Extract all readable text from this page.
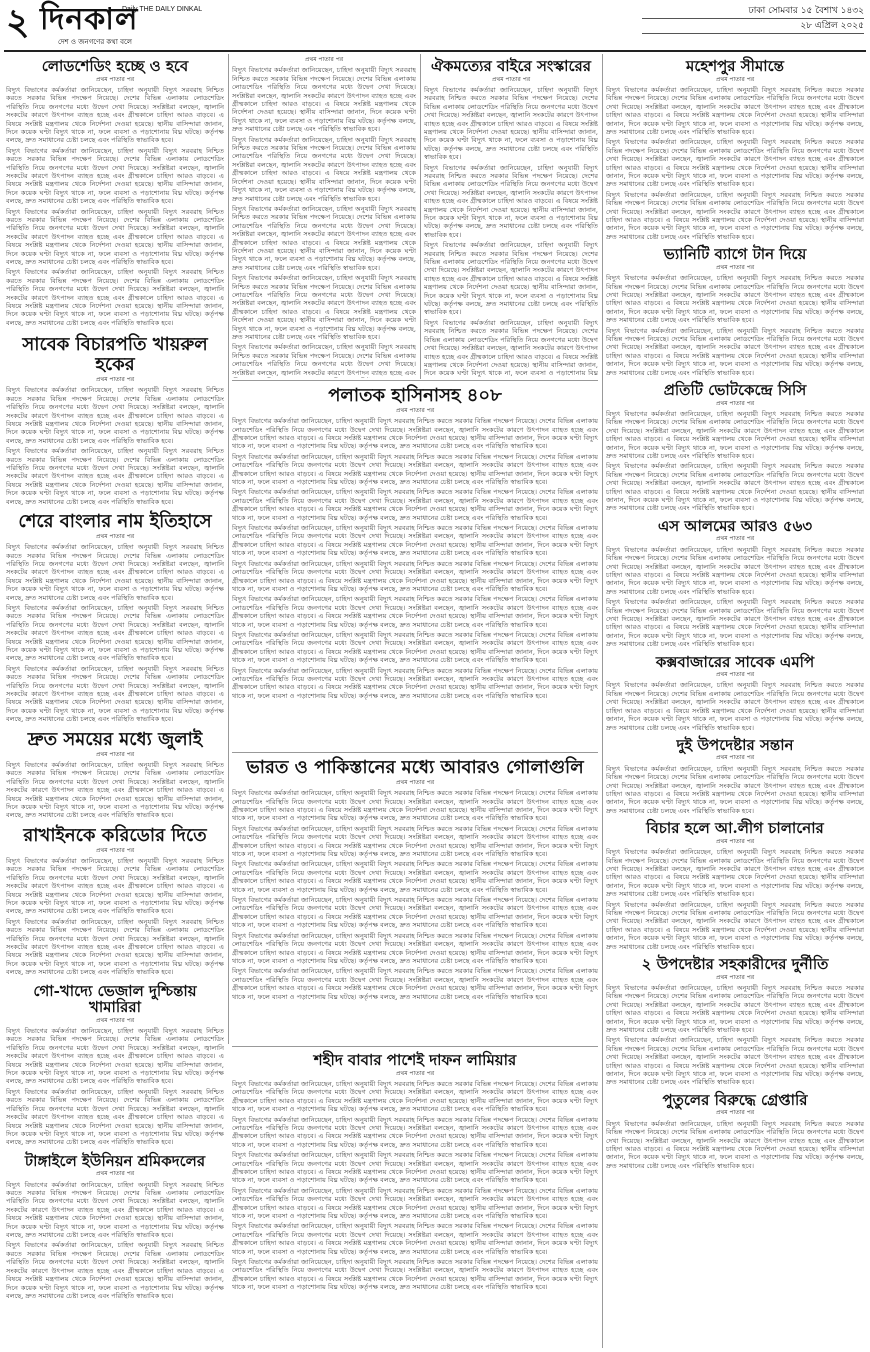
২ দিনকাল
Daily THE DAILY DINKAL
দেশ ও জনগণের কথা বলে
ঢাকা সোমবার ১৫ বৈশাখ ১৪৩২
২৮ এপ্রিল ২০২৫
লোডশেডিং হচ্ছে ও হবে
প্রথম পাতার পর

বিদ্যুৎ বিভাগের কর্মকর্তারা জানিয়েছেন, চাহিদা অনুযায়ী বিদ্যুৎ সরবরাহ নিশ্চিত করতে সরকার বিভিন্ন পদক্ষেপ নিয়েছে। দেশের বিভিন্ন এলাকায় লোডশেডিং পরিস্থিতি নিয়ে জনগণের মধ্যে উদ্বেগ দেখা দিয়েছে। সংশ্লিষ্টরা বলছেন, জ্বালানি সংকটের কারণে উৎপাদন ব্যাহত হচ্ছে এবং গ্রীষ্মকালে চাহিদা আরও বাড়বে। এ বিষয়ে সংশ্লিষ্ট মন্ত্রণালয় থেকে নির্দেশনা দেওয়া হয়েছে। স্থানীয় বাসিন্দারা জানান, দিনে কয়েক ঘণ্টা বিদ্যুৎ থাকে না, ফলে ব্যবসা ও পড়াশোনায় বিঘ্ন ঘটছে। কর্তৃপক্ষ বলছে, দ্রুত সমাধানের চেষ্টা চলছে এবং পরিস্থিতি স্বাভাবিক হবে।

বিদ্যুৎ বিভাগের কর্মকর্তারা জানিয়েছেন, চাহিদা অনুযায়ী বিদ্যুৎ সরবরাহ নিশ্চিত করতে সরকার বিভিন্ন পদক্ষেপ নিয়েছে। দেশের বিভিন্ন এলাকায় লোডশেডিং পরিস্থিতি নিয়ে জনগণের মধ্যে উদ্বেগ দেখা দিয়েছে। সংশ্লিষ্টরা বলছেন, জ্বালানি সংকটের কারণে উৎপাদন ব্যাহত হচ্ছে এবং গ্রীষ্মকালে চাহিদা আরও বাড়বে। এ বিষয়ে সংশ্লিষ্ট মন্ত্রণালয় থেকে নির্দেশনা দেওয়া হয়েছে। স্থানীয় বাসিন্দারা জানান, দিনে কয়েক ঘণ্টা বিদ্যুৎ থাকে না, ফলে ব্যবসা ও পড়াশোনায় বিঘ্ন ঘটছে। কর্তৃপক্ষ বলছে, দ্রুত সমাধানের চেষ্টা চলছে এবং পরিস্থিতি স্বাভাবিক হবে।

বিদ্যুৎ বিভাগের কর্মকর্তারা জানিয়েছেন, চাহিদা অনুযায়ী বিদ্যুৎ সরবরাহ নিশ্চিত করতে সরকার বিভিন্ন পদক্ষেপ নিয়েছে। দেশের বিভিন্ন এলাকায় লোডশেডিং পরিস্থিতি নিয়ে জনগণের মধ্যে উদ্বেগ দেখা দিয়েছে। সংশ্লিষ্টরা বলছেন, জ্বালানি সংকটের কারণে উৎপাদন ব্যাহত হচ্ছে এবং গ্রীষ্মকালে চাহিদা আরও বাড়বে। এ বিষয়ে সংশ্লিষ্ট মন্ত্রণালয় থেকে নির্দেশনা দেওয়া হয়েছে। স্থানীয় বাসিন্দারা জানান, দিনে কয়েক ঘণ্টা বিদ্যুৎ থাকে না, ফলে ব্যবসা ও পড়াশোনায় বিঘ্ন ঘটছে। কর্তৃপক্ষ বলছে, দ্রুত সমাধানের চেষ্টা চলছে এবং পরিস্থিতি স্বাভাবিক হবে।

বিদ্যুৎ বিভাগের কর্মকর্তারা জানিয়েছেন, চাহিদা অনুযায়ী বিদ্যুৎ সরবরাহ নিশ্চিত করতে সরকার বিভিন্ন পদক্ষেপ নিয়েছে। দেশের বিভিন্ন এলাকায় লোডশেডিং পরিস্থিতি নিয়ে জনগণের মধ্যে উদ্বেগ দেখা দিয়েছে। সংশ্লিষ্টরা বলছেন, জ্বালানি সংকটের কারণে উৎপাদন ব্যাহত হচ্ছে এবং গ্রীষ্মকালে চাহিদা আরও বাড়বে। এ বিষয়ে সংশ্লিষ্ট মন্ত্রণালয় থেকে নির্দেশনা দেওয়া হয়েছে। স্থানীয় বাসিন্দারা জানান, দিনে কয়েক ঘণ্টা বিদ্যুৎ থাকে না, ফলে ব্যবসা ও পড়াশোনায় বিঘ্ন ঘটছে। কর্তৃপক্ষ বলছে, দ্রুত সমাধানের চেষ্টা চলছে এবং পরিস্থিতি স্বাভাবিক হবে।

সাবেক বিচারপতি খায়রুল হকের
প্রথম পাতার পর

বিদ্যুৎ বিভাগের কর্মকর্তারা জানিয়েছেন, চাহিদা অনুযায়ী বিদ্যুৎ সরবরাহ নিশ্চিত করতে সরকার বিভিন্ন পদক্ষেপ নিয়েছে। দেশের বিভিন্ন এলাকায় লোডশেডিং পরিস্থিতি নিয়ে জনগণের মধ্যে উদ্বেগ দেখা দিয়েছে। সংশ্লিষ্টরা বলছেন, জ্বালানি সংকটের কারণে উৎপাদন ব্যাহত হচ্ছে এবং গ্রীষ্মকালে চাহিদা আরও বাড়বে। এ বিষয়ে সংশ্লিষ্ট মন্ত্রণালয় থেকে নির্দেশনা দেওয়া হয়েছে। স্থানীয় বাসিন্দারা জানান, দিনে কয়েক ঘণ্টা বিদ্যুৎ থাকে না, ফলে ব্যবসা ও পড়াশোনায় বিঘ্ন ঘটছে। কর্তৃপক্ষ বলছে, দ্রুত সমাধানের চেষ্টা চলছে এবং পরিস্থিতি স্বাভাবিক হবে।

বিদ্যুৎ বিভাগের কর্মকর্তারা জানিয়েছেন, চাহিদা অনুযায়ী বিদ্যুৎ সরবরাহ নিশ্চিত করতে সরকার বিভিন্ন পদক্ষেপ নিয়েছে। দেশের বিভিন্ন এলাকায় লোডশেডিং পরিস্থিতি নিয়ে জনগণের মধ্যে উদ্বেগ দেখা দিয়েছে। সংশ্লিষ্টরা বলছেন, জ্বালানি সংকটের কারণে উৎপাদন ব্যাহত হচ্ছে এবং গ্রীষ্মকালে চাহিদা আরও বাড়বে। এ বিষয়ে সংশ্লিষ্ট মন্ত্রণালয় থেকে নির্দেশনা দেওয়া হয়েছে। স্থানীয় বাসিন্দারা জানান, দিনে কয়েক ঘণ্টা বিদ্যুৎ থাকে না, ফলে ব্যবসা ও পড়াশোনায় বিঘ্ন ঘটছে। কর্তৃপক্ষ বলছে, দ্রুত সমাধানের চেষ্টা চলছে এবং পরিস্থিতি স্বাভাবিক হবে।

শেরে বাংলার নাম ইতিহাসে
প্রথম পাতার পর

বিদ্যুৎ বিভাগের কর্মকর্তারা জানিয়েছেন, চাহিদা অনুযায়ী বিদ্যুৎ সরবরাহ নিশ্চিত করতে সরকার বিভিন্ন পদক্ষেপ নিয়েছে। দেশের বিভিন্ন এলাকায় লোডশেডিং পরিস্থিতি নিয়ে জনগণের মধ্যে উদ্বেগ দেখা দিয়েছে। সংশ্লিষ্টরা বলছেন, জ্বালানি সংকটের কারণে উৎপাদন ব্যাহত হচ্ছে এবং গ্রীষ্মকালে চাহিদা আরও বাড়বে। এ বিষয়ে সংশ্লিষ্ট মন্ত্রণালয় থেকে নির্দেশনা দেওয়া হয়েছে। স্থানীয় বাসিন্দারা জানান, দিনে কয়েক ঘণ্টা বিদ্যুৎ থাকে না, ফলে ব্যবসা ও পড়াশোনায় বিঘ্ন ঘটছে। কর্তৃপক্ষ বলছে, দ্রুত সমাধানের চেষ্টা চলছে এবং পরিস্থিতি স্বাভাবিক হবে।

বিদ্যুৎ বিভাগের কর্মকর্তারা জানিয়েছেন, চাহিদা অনুযায়ী বিদ্যুৎ সরবরাহ নিশ্চিত করতে সরকার বিভিন্ন পদক্ষেপ নিয়েছে। দেশের বিভিন্ন এলাকায় লোডশেডিং পরিস্থিতি নিয়ে জনগণের মধ্যে উদ্বেগ দেখা দিয়েছে। সংশ্লিষ্টরা বলছেন, জ্বালানি সংকটের কারণে উৎপাদন ব্যাহত হচ্ছে এবং গ্রীষ্মকালে চাহিদা আরও বাড়বে। এ বিষয়ে সংশ্লিষ্ট মন্ত্রণালয় থেকে নির্দেশনা দেওয়া হয়েছে। স্থানীয় বাসিন্দারা জানান, দিনে কয়েক ঘণ্টা বিদ্যুৎ থাকে না, ফলে ব্যবসা ও পড়াশোনায় বিঘ্ন ঘটছে। কর্তৃপক্ষ বলছে, দ্রুত সমাধানের চেষ্টা চলছে এবং পরিস্থিতি স্বাভাবিক হবে।

বিদ্যুৎ বিভাগের কর্মকর্তারা জানিয়েছেন, চাহিদা অনুযায়ী বিদ্যুৎ সরবরাহ নিশ্চিত করতে সরকার বিভিন্ন পদক্ষেপ নিয়েছে। দেশের বিভিন্ন এলাকায় লোডশেডিং পরিস্থিতি নিয়ে জনগণের মধ্যে উদ্বেগ দেখা দিয়েছে। সংশ্লিষ্টরা বলছেন, জ্বালানি সংকটের কারণে উৎপাদন ব্যাহত হচ্ছে এবং গ্রীষ্মকালে চাহিদা আরও বাড়বে। এ বিষয়ে সংশ্লিষ্ট মন্ত্রণালয় থেকে নির্দেশনা দেওয়া হয়েছে। স্থানীয় বাসিন্দারা জানান, দিনে কয়েক ঘণ্টা বিদ্যুৎ থাকে না, ফলে ব্যবসা ও পড়াশোনায় বিঘ্ন ঘটছে। কর্তৃপক্ষ বলছে, দ্রুত সমাধানের চেষ্টা চলছে এবং পরিস্থিতি স্বাভাবিক হবে।

দ্রুত সময়ের মধ্যে জুলাই
প্রথম পাতার পর

বিদ্যুৎ বিভাগের কর্মকর্তারা জানিয়েছেন, চাহিদা অনুযায়ী বিদ্যুৎ সরবরাহ নিশ্চিত করতে সরকার বিভিন্ন পদক্ষেপ নিয়েছে। দেশের বিভিন্ন এলাকায় লোডশেডিং পরিস্থিতি নিয়ে জনগণের মধ্যে উদ্বেগ দেখা দিয়েছে। সংশ্লিষ্টরা বলছেন, জ্বালানি সংকটের কারণে উৎপাদন ব্যাহত হচ্ছে এবং গ্রীষ্মকালে চাহিদা আরও বাড়বে। এ বিষয়ে সংশ্লিষ্ট মন্ত্রণালয় থেকে নির্দেশনা দেওয়া হয়েছে। স্থানীয় বাসিন্দারা জানান, দিনে কয়েক ঘণ্টা বিদ্যুৎ থাকে না, ফলে ব্যবসা ও পড়াশোনায় বিঘ্ন ঘটছে। কর্তৃপক্ষ বলছে, দ্রুত সমাধানের চেষ্টা চলছে এবং পরিস্থিতি স্বাভাবিক হবে।

রাখাইনকে করিডোর দিতে
প্রথম পাতার পর

বিদ্যুৎ বিভাগের কর্মকর্তারা জানিয়েছেন, চাহিদা অনুযায়ী বিদ্যুৎ সরবরাহ নিশ্চিত করতে সরকার বিভিন্ন পদক্ষেপ নিয়েছে। দেশের বিভিন্ন এলাকায় লোডশেডিং পরিস্থিতি নিয়ে জনগণের মধ্যে উদ্বেগ দেখা দিয়েছে। সংশ্লিষ্টরা বলছেন, জ্বালানি সংকটের কারণে উৎপাদন ব্যাহত হচ্ছে এবং গ্রীষ্মকালে চাহিদা আরও বাড়বে। এ বিষয়ে সংশ্লিষ্ট মন্ত্রণালয় থেকে নির্দেশনা দেওয়া হয়েছে। স্থানীয় বাসিন্দারা জানান, দিনে কয়েক ঘণ্টা বিদ্যুৎ থাকে না, ফলে ব্যবসা ও পড়াশোনায় বিঘ্ন ঘটছে। কর্তৃপক্ষ বলছে, দ্রুত সমাধানের চেষ্টা চলছে এবং পরিস্থিতি স্বাভাবিক হবে।

বিদ্যুৎ বিভাগের কর্মকর্তারা জানিয়েছেন, চাহিদা অনুযায়ী বিদ্যুৎ সরবরাহ নিশ্চিত করতে সরকার বিভিন্ন পদক্ষেপ নিয়েছে। দেশের বিভিন্ন এলাকায় লোডশেডিং পরিস্থিতি নিয়ে জনগণের মধ্যে উদ্বেগ দেখা দিয়েছে। সংশ্লিষ্টরা বলছেন, জ্বালানি সংকটের কারণে উৎপাদন ব্যাহত হচ্ছে এবং গ্রীষ্মকালে চাহিদা আরও বাড়বে। এ বিষয়ে সংশ্লিষ্ট মন্ত্রণালয় থেকে নির্দেশনা দেওয়া হয়েছে। স্থানীয় বাসিন্দারা জানান, দিনে কয়েক ঘণ্টা বিদ্যুৎ থাকে না, ফলে ব্যবসা ও পড়াশোনায় বিঘ্ন ঘটছে। কর্তৃপক্ষ বলছে, দ্রুত সমাধানের চেষ্টা চলছে এবং পরিস্থিতি স্বাভাবিক হবে।

গো-খাদ্যে ভেজাল দুশ্চিন্তায় খামারিরা
প্রথম পাতার পর

বিদ্যুৎ বিভাগের কর্মকর্তারা জানিয়েছেন, চাহিদা অনুযায়ী বিদ্যুৎ সরবরাহ নিশ্চিত করতে সরকার বিভিন্ন পদক্ষেপ নিয়েছে। দেশের বিভিন্ন এলাকায় লোডশেডিং পরিস্থিতি নিয়ে জনগণের মধ্যে উদ্বেগ দেখা দিয়েছে। সংশ্লিষ্টরা বলছেন, জ্বালানি সংকটের কারণে উৎপাদন ব্যাহত হচ্ছে এবং গ্রীষ্মকালে চাহিদা আরও বাড়বে। এ বিষয়ে সংশ্লিষ্ট মন্ত্রণালয় থেকে নির্দেশনা দেওয়া হয়েছে। স্থানীয় বাসিন্দারা জানান, দিনে কয়েক ঘণ্টা বিদ্যুৎ থাকে না, ফলে ব্যবসা ও পড়াশোনায় বিঘ্ন ঘটছে। কর্তৃপক্ষ বলছে, দ্রুত সমাধানের চেষ্টা চলছে এবং পরিস্থিতি স্বাভাবিক হবে।

বিদ্যুৎ বিভাগের কর্মকর্তারা জানিয়েছেন, চাহিদা অনুযায়ী বিদ্যুৎ সরবরাহ নিশ্চিত করতে সরকার বিভিন্ন পদক্ষেপ নিয়েছে। দেশের বিভিন্ন এলাকায় লোডশেডিং পরিস্থিতি নিয়ে জনগণের মধ্যে উদ্বেগ দেখা দিয়েছে। সংশ্লিষ্টরা বলছেন, জ্বালানি সংকটের কারণে উৎপাদন ব্যাহত হচ্ছে এবং গ্রীষ্মকালে চাহিদা আরও বাড়বে। এ বিষয়ে সংশ্লিষ্ট মন্ত্রণালয় থেকে নির্দেশনা দেওয়া হয়েছে। স্থানীয় বাসিন্দারা জানান, দিনে কয়েক ঘণ্টা বিদ্যুৎ থাকে না, ফলে ব্যবসা ও পড়াশোনায় বিঘ্ন ঘটছে। কর্তৃপক্ষ বলছে, দ্রুত সমাধানের চেষ্টা চলছে এবং পরিস্থিতি স্বাভাবিক হবে।

টাঙ্গাইলে ইউনিয়ন শ্রমিকদলের
প্রথম পাতার পর

বিদ্যুৎ বিভাগের কর্মকর্তারা জানিয়েছেন, চাহিদা অনুযায়ী বিদ্যুৎ সরবরাহ নিশ্চিত করতে সরকার বিভিন্ন পদক্ষেপ নিয়েছে। দেশের বিভিন্ন এলাকায় লোডশেডিং পরিস্থিতি নিয়ে জনগণের মধ্যে উদ্বেগ দেখা দিয়েছে। সংশ্লিষ্টরা বলছেন, জ্বালানি সংকটের কারণে উৎপাদন ব্যাহত হচ্ছে এবং গ্রীষ্মকালে চাহিদা আরও বাড়বে। এ বিষয়ে সংশ্লিষ্ট মন্ত্রণালয় থেকে নির্দেশনা দেওয়া হয়েছে। স্থানীয় বাসিন্দারা জানান, দিনে কয়েক ঘণ্টা বিদ্যুৎ থাকে না, ফলে ব্যবসা ও পড়াশোনায় বিঘ্ন ঘটছে। কর্তৃপক্ষ বলছে, দ্রুত সমাধানের চেষ্টা চলছে এবং পরিস্থিতি স্বাভাবিক হবে।

বিদ্যুৎ বিভাগের কর্মকর্তারা জানিয়েছেন, চাহিদা অনুযায়ী বিদ্যুৎ সরবরাহ নিশ্চিত করতে সরকার বিভিন্ন পদক্ষেপ নিয়েছে। দেশের বিভিন্ন এলাকায় লোডশেডিং পরিস্থিতি নিয়ে জনগণের মধ্যে উদ্বেগ দেখা দিয়েছে। সংশ্লিষ্টরা বলছেন, জ্বালানি সংকটের কারণে উৎপাদন ব্যাহত হচ্ছে এবং গ্রীষ্মকালে চাহিদা আরও বাড়বে। এ বিষয়ে সংশ্লিষ্ট মন্ত্রণালয় থেকে নির্দেশনা দেওয়া হয়েছে। স্থানীয় বাসিন্দারা জানান, দিনে কয়েক ঘণ্টা বিদ্যুৎ থাকে না, ফলে ব্যবসা ও পড়াশোনায় বিঘ্ন ঘটছে। কর্তৃপক্ষ বলছে, দ্রুত সমাধানের চেষ্টা চলছে এবং পরিস্থিতি স্বাভাবিক হবে।

প্রথম পাতার পর

বিদ্যুৎ বিভাগের কর্মকর্তারা জানিয়েছেন, চাহিদা অনুযায়ী বিদ্যুৎ সরবরাহ নিশ্চিত করতে সরকার বিভিন্ন পদক্ষেপ নিয়েছে। দেশের বিভিন্ন এলাকায় লোডশেডিং পরিস্থিতি নিয়ে জনগণের মধ্যে উদ্বেগ দেখা দিয়েছে। সংশ্লিষ্টরা বলছেন, জ্বালানি সংকটের কারণে উৎপাদন ব্যাহত হচ্ছে এবং গ্রীষ্মকালে চাহিদা আরও বাড়বে। এ বিষয়ে সংশ্লিষ্ট মন্ত্রণালয় থেকে নির্দেশনা দেওয়া হয়েছে। স্থানীয় বাসিন্দারা জানান, দিনে কয়েক ঘণ্টা বিদ্যুৎ থাকে না, ফলে ব্যবসা ও পড়াশোনায় বিঘ্ন ঘটছে। কর্তৃপক্ষ বলছে, দ্রুত সমাধানের চেষ্টা চলছে এবং পরিস্থিতি স্বাভাবিক হবে।

বিদ্যুৎ বিভাগের কর্মকর্তারা জানিয়েছেন, চাহিদা অনুযায়ী বিদ্যুৎ সরবরাহ নিশ্চিত করতে সরকার বিভিন্ন পদক্ষেপ নিয়েছে। দেশের বিভিন্ন এলাকায় লোডশেডিং পরিস্থিতি নিয়ে জনগণের মধ্যে উদ্বেগ দেখা দিয়েছে। সংশ্লিষ্টরা বলছেন, জ্বালানি সংকটের কারণে উৎপাদন ব্যাহত হচ্ছে এবং গ্রীষ্মকালে চাহিদা আরও বাড়বে। এ বিষয়ে সংশ্লিষ্ট মন্ত্রণালয় থেকে নির্দেশনা দেওয়া হয়েছে। স্থানীয় বাসিন্দারা জানান, দিনে কয়েক ঘণ্টা বিদ্যুৎ থাকে না, ফলে ব্যবসা ও পড়াশোনায় বিঘ্ন ঘটছে। কর্তৃপক্ষ বলছে, দ্রুত সমাধানের চেষ্টা চলছে এবং পরিস্থিতি স্বাভাবিক হবে।

বিদ্যুৎ বিভাগের কর্মকর্তারা জানিয়েছেন, চাহিদা অনুযায়ী বিদ্যুৎ সরবরাহ নিশ্চিত করতে সরকার বিভিন্ন পদক্ষেপ নিয়েছে। দেশের বিভিন্ন এলাকায় লোডশেডিং পরিস্থিতি নিয়ে জনগণের মধ্যে উদ্বেগ দেখা দিয়েছে। সংশ্লিষ্টরা বলছেন, জ্বালানি সংকটের কারণে উৎপাদন ব্যাহত হচ্ছে এবং গ্রীষ্মকালে চাহিদা আরও বাড়বে। এ বিষয়ে সংশ্লিষ্ট মন্ত্রণালয় থেকে নির্দেশনা দেওয়া হয়েছে। স্থানীয় বাসিন্দারা জানান, দিনে কয়েক ঘণ্টা বিদ্যুৎ থাকে না, ফলে ব্যবসা ও পড়াশোনায় বিঘ্ন ঘটছে। কর্তৃপক্ষ বলছে, দ্রুত সমাধানের চেষ্টা চলছে এবং পরিস্থিতি স্বাভাবিক হবে।

বিদ্যুৎ বিভাগের কর্মকর্তারা জানিয়েছেন, চাহিদা অনুযায়ী বিদ্যুৎ সরবরাহ নিশ্চিত করতে সরকার বিভিন্ন পদক্ষেপ নিয়েছে। দেশের বিভিন্ন এলাকায় লোডশেডিং পরিস্থিতি নিয়ে জনগণের মধ্যে উদ্বেগ দেখা দিয়েছে। সংশ্লিষ্টরা বলছেন, জ্বালানি সংকটের কারণে উৎপাদন ব্যাহত হচ্ছে এবং গ্রীষ্মকালে চাহিদা আরও বাড়বে। এ বিষয়ে সংশ্লিষ্ট মন্ত্রণালয় থেকে নির্দেশনা দেওয়া হয়েছে। স্থানীয় বাসিন্দারা জানান, দিনে কয়েক ঘণ্টা বিদ্যুৎ থাকে না, ফলে ব্যবসা ও পড়াশোনায় বিঘ্ন ঘটছে। কর্তৃপক্ষ বলছে, দ্রুত সমাধানের চেষ্টা চলছে এবং পরিস্থিতি স্বাভাবিক হবে।

বিদ্যুৎ বিভাগের কর্মকর্তারা জানিয়েছেন, চাহিদা অনুযায়ী বিদ্যুৎ সরবরাহ নিশ্চিত করতে সরকার বিভিন্ন পদক্ষেপ নিয়েছে। দেশের বিভিন্ন এলাকায় লোডশেডিং পরিস্থিতি নিয়ে জনগণের মধ্যে উদ্বেগ দেখা দিয়েছে। সংশ্লিষ্টরা বলছেন, জ্বালানি সংকটের কারণে উৎপাদন ব্যাহত হচ্ছে এবং

ঐকমত্যের বাইরে সংস্কারের
প্রথম পাতার পর

বিদ্যুৎ বিভাগের কর্মকর্তারা জানিয়েছেন, চাহিদা অনুযায়ী বিদ্যুৎ সরবরাহ নিশ্চিত করতে সরকার বিভিন্ন পদক্ষেপ নিয়েছে। দেশের বিভিন্ন এলাকায় লোডশেডিং পরিস্থিতি নিয়ে জনগণের মধ্যে উদ্বেগ দেখা দিয়েছে। সংশ্লিষ্টরা বলছেন, জ্বালানি সংকটের কারণে উৎপাদন ব্যাহত হচ্ছে এবং গ্রীষ্মকালে চাহিদা আরও বাড়বে। এ বিষয়ে সংশ্লিষ্ট মন্ত্রণালয় থেকে নির্দেশনা দেওয়া হয়েছে। স্থানীয় বাসিন্দারা জানান, দিনে কয়েক ঘণ্টা বিদ্যুৎ থাকে না, ফলে ব্যবসা ও পড়াশোনায় বিঘ্ন ঘটছে। কর্তৃপক্ষ বলছে, দ্রুত সমাধানের চেষ্টা চলছে এবং পরিস্থিতি স্বাভাবিক হবে।

বিদ্যুৎ বিভাগের কর্মকর্তারা জানিয়েছেন, চাহিদা অনুযায়ী বিদ্যুৎ সরবরাহ নিশ্চিত করতে সরকার বিভিন্ন পদক্ষেপ নিয়েছে। দেশের বিভিন্ন এলাকায় লোডশেডিং পরিস্থিতি নিয়ে জনগণের মধ্যে উদ্বেগ দেখা দিয়েছে। সংশ্লিষ্টরা বলছেন, জ্বালানি সংকটের কারণে উৎপাদন ব্যাহত হচ্ছে এবং গ্রীষ্মকালে চাহিদা আরও বাড়বে। এ বিষয়ে সংশ্লিষ্ট মন্ত্রণালয় থেকে নির্দেশনা দেওয়া হয়েছে। স্থানীয় বাসিন্দারা জানান, দিনে কয়েক ঘণ্টা বিদ্যুৎ থাকে না, ফলে ব্যবসা ও পড়াশোনায় বিঘ্ন ঘটছে। কর্তৃপক্ষ বলছে, দ্রুত সমাধানের চেষ্টা চলছে এবং পরিস্থিতি স্বাভাবিক হবে।

বিদ্যুৎ বিভাগের কর্মকর্তারা জানিয়েছেন, চাহিদা অনুযায়ী বিদ্যুৎ সরবরাহ নিশ্চিত করতে সরকার বিভিন্ন পদক্ষেপ নিয়েছে। দেশের বিভিন্ন এলাকায় লোডশেডিং পরিস্থিতি নিয়ে জনগণের মধ্যে উদ্বেগ দেখা দিয়েছে। সংশ্লিষ্টরা বলছেন, জ্বালানি সংকটের কারণে উৎপাদন ব্যাহত হচ্ছে এবং গ্রীষ্মকালে চাহিদা আরও বাড়বে। এ বিষয়ে সংশ্লিষ্ট মন্ত্রণালয় থেকে নির্দেশনা দেওয়া হয়েছে। স্থানীয় বাসিন্দারা জানান, দিনে কয়েক ঘণ্টা বিদ্যুৎ থাকে না, ফলে ব্যবসা ও পড়াশোনায় বিঘ্ন ঘটছে। কর্তৃপক্ষ বলছে, দ্রুত সমাধানের চেষ্টা চলছে এবং পরিস্থিতি স্বাভাবিক হবে।

বিদ্যুৎ বিভাগের কর্মকর্তারা জানিয়েছেন, চাহিদা অনুযায়ী বিদ্যুৎ সরবরাহ নিশ্চিত করতে সরকার বিভিন্ন পদক্ষেপ নিয়েছে। দেশের বিভিন্ন এলাকায় লোডশেডিং পরিস্থিতি নিয়ে জনগণের মধ্যে উদ্বেগ দেখা দিয়েছে। সংশ্লিষ্টরা বলছেন, জ্বালানি সংকটের কারণে উৎপাদন ব্যাহত হচ্ছে এবং গ্রীষ্মকালে চাহিদা আরও বাড়বে। এ বিষয়ে সংশ্লিষ্ট মন্ত্রণালয় থেকে নির্দেশনা দেওয়া হয়েছে। স্থানীয় বাসিন্দারা জানান, দিনে কয়েক ঘণ্টা বিদ্যুৎ থাকে না, ফলে ব্যবসা ও পড়াশোনায় বিঘ্ন

পলাতক হাসিনাসহ ৪০৮
প্রথম পাতার পর

বিদ্যুৎ বিভাগের কর্মকর্তারা জানিয়েছেন, চাহিদা অনুযায়ী বিদ্যুৎ সরবরাহ নিশ্চিত করতে সরকার বিভিন্ন পদক্ষেপ নিয়েছে। দেশের বিভিন্ন এলাকায় লোডশেডিং পরিস্থিতি নিয়ে জনগণের মধ্যে উদ্বেগ দেখা দিয়েছে। সংশ্লিষ্টরা বলছেন, জ্বালানি সংকটের কারণে উৎপাদন ব্যাহত হচ্ছে এবং গ্রীষ্মকালে চাহিদা আরও বাড়বে। এ বিষয়ে সংশ্লিষ্ট মন্ত্রণালয় থেকে নির্দেশনা দেওয়া হয়েছে। স্থানীয় বাসিন্দারা জানান, দিনে কয়েক ঘণ্টা বিদ্যুৎ থাকে না, ফলে ব্যবসা ও পড়াশোনায় বিঘ্ন ঘটছে। কর্তৃপক্ষ বলছে, দ্রুত সমাধানের চেষ্টা চলছে এবং পরিস্থিতি স্বাভাবিক হবে।

বিদ্যুৎ বিভাগের কর্মকর্তারা জানিয়েছেন, চাহিদা অনুযায়ী বিদ্যুৎ সরবরাহ নিশ্চিত করতে সরকার বিভিন্ন পদক্ষেপ নিয়েছে। দেশের বিভিন্ন এলাকায় লোডশেডিং পরিস্থিতি নিয়ে জনগণের মধ্যে উদ্বেগ দেখা দিয়েছে। সংশ্লিষ্টরা বলছেন, জ্বালানি সংকটের কারণে উৎপাদন ব্যাহত হচ্ছে এবং গ্রীষ্মকালে চাহিদা আরও বাড়বে। এ বিষয়ে সংশ্লিষ্ট মন্ত্রণালয় থেকে নির্দেশনা দেওয়া হয়েছে। স্থানীয় বাসিন্দারা জানান, দিনে কয়েক ঘণ্টা বিদ্যুৎ থাকে না, ফলে ব্যবসা ও পড়াশোনায় বিঘ্ন ঘটছে। কর্তৃপক্ষ বলছে, দ্রুত সমাধানের চেষ্টা চলছে এবং পরিস্থিতি স্বাভাবিক হবে।

বিদ্যুৎ বিভাগের কর্মকর্তারা জানিয়েছেন, চাহিদা অনুযায়ী বিদ্যুৎ সরবরাহ নিশ্চিত করতে সরকার বিভিন্ন পদক্ষেপ নিয়েছে। দেশের বিভিন্ন এলাকায় লোডশেডিং পরিস্থিতি নিয়ে জনগণের মধ্যে উদ্বেগ দেখা দিয়েছে। সংশ্লিষ্টরা বলছেন, জ্বালানি সংকটের কারণে উৎপাদন ব্যাহত হচ্ছে এবং গ্রীষ্মকালে চাহিদা আরও বাড়বে। এ বিষয়ে সংশ্লিষ্ট মন্ত্রণালয় থেকে নির্দেশনা দেওয়া হয়েছে। স্থানীয় বাসিন্দারা জানান, দিনে কয়েক ঘণ্টা বিদ্যুৎ থাকে না, ফলে ব্যবসা ও পড়াশোনায় বিঘ্ন ঘটছে। কর্তৃপক্ষ বলছে, দ্রুত সমাধানের চেষ্টা চলছে এবং পরিস্থিতি স্বাভাবিক হবে।

বিদ্যুৎ বিভাগের কর্মকর্তারা জানিয়েছেন, চাহিদা অনুযায়ী বিদ্যুৎ সরবরাহ নিশ্চিত করতে সরকার বিভিন্ন পদক্ষেপ নিয়েছে। দেশের বিভিন্ন এলাকায় লোডশেডিং পরিস্থিতি নিয়ে জনগণের মধ্যে উদ্বেগ দেখা দিয়েছে। সংশ্লিষ্টরা বলছেন, জ্বালানি সংকটের কারণে উৎপাদন ব্যাহত হচ্ছে এবং গ্রীষ্মকালে চাহিদা আরও বাড়বে। এ বিষয়ে সংশ্লিষ্ট মন্ত্রণালয় থেকে নির্দেশনা দেওয়া হয়েছে। স্থানীয় বাসিন্দারা জানান, দিনে কয়েক ঘণ্টা বিদ্যুৎ থাকে না, ফলে ব্যবসা ও পড়াশোনায় বিঘ্ন ঘটছে। কর্তৃপক্ষ বলছে, দ্রুত সমাধানের চেষ্টা চলছে এবং পরিস্থিতি স্বাভাবিক হবে।

বিদ্যুৎ বিভাগের কর্মকর্তারা জানিয়েছেন, চাহিদা অনুযায়ী বিদ্যুৎ সরবরাহ নিশ্চিত করতে সরকার বিভিন্ন পদক্ষেপ নিয়েছে। দেশের বিভিন্ন এলাকায় লোডশেডিং পরিস্থিতি নিয়ে জনগণের মধ্যে উদ্বেগ দেখা দিয়েছে। সংশ্লিষ্টরা বলছেন, জ্বালানি সংকটের কারণে উৎপাদন ব্যাহত হচ্ছে এবং গ্রীষ্মকালে চাহিদা আরও বাড়বে। এ বিষয়ে সংশ্লিষ্ট মন্ত্রণালয় থেকে নির্দেশনা দেওয়া হয়েছে। স্থানীয় বাসিন্দারা জানান, দিনে কয়েক ঘণ্টা বিদ্যুৎ থাকে না, ফলে ব্যবসা ও পড়াশোনায় বিঘ্ন ঘটছে। কর্তৃপক্ষ বলছে, দ্রুত সমাধানের চেষ্টা চলছে এবং পরিস্থিতি স্বাভাবিক হবে।

বিদ্যুৎ বিভাগের কর্মকর্তারা জানিয়েছেন, চাহিদা অনুযায়ী বিদ্যুৎ সরবরাহ নিশ্চিত করতে সরকার বিভিন্ন পদক্ষেপ নিয়েছে। দেশের বিভিন্ন এলাকায় লোডশেডিং পরিস্থিতি নিয়ে জনগণের মধ্যে উদ্বেগ দেখা দিয়েছে। সংশ্লিষ্টরা বলছেন, জ্বালানি সংকটের কারণে উৎপাদন ব্যাহত হচ্ছে এবং গ্রীষ্মকালে চাহিদা আরও বাড়বে। এ বিষয়ে সংশ্লিষ্ট মন্ত্রণালয় থেকে নির্দেশনা দেওয়া হয়েছে। স্থানীয় বাসিন্দারা জানান, দিনে কয়েক ঘণ্টা বিদ্যুৎ থাকে না, ফলে ব্যবসা ও পড়াশোনায় বিঘ্ন ঘটছে। কর্তৃপক্ষ বলছে, দ্রুত সমাধানের চেষ্টা চলছে এবং পরিস্থিতি স্বাভাবিক হবে।

বিদ্যুৎ বিভাগের কর্মকর্তারা জানিয়েছেন, চাহিদা অনুযায়ী বিদ্যুৎ সরবরাহ নিশ্চিত করতে সরকার বিভিন্ন পদক্ষেপ নিয়েছে। দেশের বিভিন্ন এলাকায় লোডশেডিং পরিস্থিতি নিয়ে জনগণের মধ্যে উদ্বেগ দেখা দিয়েছে। সংশ্লিষ্টরা বলছেন, জ্বালানি সংকটের কারণে উৎপাদন ব্যাহত হচ্ছে এবং গ্রীষ্মকালে চাহিদা আরও বাড়বে। এ বিষয়ে সংশ্লিষ্ট মন্ত্রণালয় থেকে নির্দেশনা দেওয়া হয়েছে। স্থানীয় বাসিন্দারা জানান, দিনে কয়েক ঘণ্টা বিদ্যুৎ থাকে না, ফলে ব্যবসা ও পড়াশোনায় বিঘ্ন ঘটছে। কর্তৃপক্ষ বলছে, দ্রুত সমাধানের চেষ্টা চলছে এবং পরিস্থিতি স্বাভাবিক হবে।

বিদ্যুৎ বিভাগের কর্মকর্তারা জানিয়েছেন, চাহিদা অনুযায়ী বিদ্যুৎ সরবরাহ নিশ্চিত করতে সরকার বিভিন্ন পদক্ষেপ নিয়েছে। দেশের বিভিন্ন এলাকায় লোডশেডিং পরিস্থিতি নিয়ে জনগণের মধ্যে উদ্বেগ দেখা দিয়েছে। সংশ্লিষ্টরা বলছেন, জ্বালানি সংকটের কারণে উৎপাদন ব্যাহত হচ্ছে এবং গ্রীষ্মকালে চাহিদা আরও বাড়বে। এ বিষয়ে সংশ্লিষ্ট মন্ত্রণালয় থেকে নির্দেশনা দেওয়া হয়েছে। স্থানীয় বাসিন্দারা জানান, দিনে কয়েক ঘণ্টা বিদ্যুৎ থাকে না, ফলে ব্যবসা ও পড়াশোনায় বিঘ্ন ঘটছে। কর্তৃপক্ষ বলছে, দ্রুত সমাধানের চেষ্টা চলছে এবং পরিস্থিতি স্বাভাবিক হবে।

ভারত ও পাকিস্তানের মধ্যে আবারও গোলাগুলি
প্রথম পাতার পর

বিদ্যুৎ বিভাগের কর্মকর্তারা জানিয়েছেন, চাহিদা অনুযায়ী বিদ্যুৎ সরবরাহ নিশ্চিত করতে সরকার বিভিন্ন পদক্ষেপ নিয়েছে। দেশের বিভিন্ন এলাকায় লোডশেডিং পরিস্থিতি নিয়ে জনগণের মধ্যে উদ্বেগ দেখা দিয়েছে। সংশ্লিষ্টরা বলছেন, জ্বালানি সংকটের কারণে উৎপাদন ব্যাহত হচ্ছে এবং গ্রীষ্মকালে চাহিদা আরও বাড়বে। এ বিষয়ে সংশ্লিষ্ট মন্ত্রণালয় থেকে নির্দেশনা দেওয়া হয়েছে। স্থানীয় বাসিন্দারা জানান, দিনে কয়েক ঘণ্টা বিদ্যুৎ থাকে না, ফলে ব্যবসা ও পড়াশোনায় বিঘ্ন ঘটছে। কর্তৃপক্ষ বলছে, দ্রুত সমাধানের চেষ্টা চলছে এবং পরিস্থিতি স্বাভাবিক হবে।

বিদ্যুৎ বিভাগের কর্মকর্তারা জানিয়েছেন, চাহিদা অনুযায়ী বিদ্যুৎ সরবরাহ নিশ্চিত করতে সরকার বিভিন্ন পদক্ষেপ নিয়েছে। দেশের বিভিন্ন এলাকায় লোডশেডিং পরিস্থিতি নিয়ে জনগণের মধ্যে উদ্বেগ দেখা দিয়েছে। সংশ্লিষ্টরা বলছেন, জ্বালানি সংকটের কারণে উৎপাদন ব্যাহত হচ্ছে এবং গ্রীষ্মকালে চাহিদা আরও বাড়বে। এ বিষয়ে সংশ্লিষ্ট মন্ত্রণালয় থেকে নির্দেশনা দেওয়া হয়েছে। স্থানীয় বাসিন্দারা জানান, দিনে কয়েক ঘণ্টা বিদ্যুৎ থাকে না, ফলে ব্যবসা ও পড়াশোনায় বিঘ্ন ঘটছে। কর্তৃপক্ষ বলছে, দ্রুত সমাধানের চেষ্টা চলছে এবং পরিস্থিতি স্বাভাবিক হবে।

বিদ্যুৎ বিভাগের কর্মকর্তারা জানিয়েছেন, চাহিদা অনুযায়ী বিদ্যুৎ সরবরাহ নিশ্চিত করতে সরকার বিভিন্ন পদক্ষেপ নিয়েছে। দেশের বিভিন্ন এলাকায় লোডশেডিং পরিস্থিতি নিয়ে জনগণের মধ্যে উদ্বেগ দেখা দিয়েছে। সংশ্লিষ্টরা বলছেন, জ্বালানি সংকটের কারণে উৎপাদন ব্যাহত হচ্ছে এবং গ্রীষ্মকালে চাহিদা আরও বাড়বে। এ বিষয়ে সংশ্লিষ্ট মন্ত্রণালয় থেকে নির্দেশনা দেওয়া হয়েছে। স্থানীয় বাসিন্দারা জানান, দিনে কয়েক ঘণ্টা বিদ্যুৎ থাকে না, ফলে ব্যবসা ও পড়াশোনায় বিঘ্ন ঘটছে। কর্তৃপক্ষ বলছে, দ্রুত সমাধানের চেষ্টা চলছে এবং পরিস্থিতি স্বাভাবিক হবে।

বিদ্যুৎ বিভাগের কর্মকর্তারা জানিয়েছেন, চাহিদা অনুযায়ী বিদ্যুৎ সরবরাহ নিশ্চিত করতে সরকার বিভিন্ন পদক্ষেপ নিয়েছে। দেশের বিভিন্ন এলাকায় লোডশেডিং পরিস্থিতি নিয়ে জনগণের মধ্যে উদ্বেগ দেখা দিয়েছে। সংশ্লিষ্টরা বলছেন, জ্বালানি সংকটের কারণে উৎপাদন ব্যাহত হচ্ছে এবং গ্রীষ্মকালে চাহিদা আরও বাড়বে। এ বিষয়ে সংশ্লিষ্ট মন্ত্রণালয় থেকে নির্দেশনা দেওয়া হয়েছে। স্থানীয় বাসিন্দারা জানান, দিনে কয়েক ঘণ্টা বিদ্যুৎ থাকে না, ফলে ব্যবসা ও পড়াশোনায় বিঘ্ন ঘটছে। কর্তৃপক্ষ বলছে, দ্রুত সমাধানের চেষ্টা চলছে এবং পরিস্থিতি স্বাভাবিক হবে।

বিদ্যুৎ বিভাগের কর্মকর্তারা জানিয়েছেন, চাহিদা অনুযায়ী বিদ্যুৎ সরবরাহ নিশ্চিত করতে সরকার বিভিন্ন পদক্ষেপ নিয়েছে। দেশের বিভিন্ন এলাকায় লোডশেডিং পরিস্থিতি নিয়ে জনগণের মধ্যে উদ্বেগ দেখা দিয়েছে। সংশ্লিষ্টরা বলছেন, জ্বালানি সংকটের কারণে উৎপাদন ব্যাহত হচ্ছে এবং গ্রীষ্মকালে চাহিদা আরও বাড়বে। এ বিষয়ে সংশ্লিষ্ট মন্ত্রণালয় থেকে নির্দেশনা দেওয়া হয়েছে। স্থানীয় বাসিন্দারা জানান, দিনে কয়েক ঘণ্টা বিদ্যুৎ থাকে না, ফলে ব্যবসা ও পড়াশোনায় বিঘ্ন ঘটছে। কর্তৃপক্ষ বলছে, দ্রুত সমাধানের চেষ্টা চলছে এবং পরিস্থিতি স্বাভাবিক হবে।

বিদ্যুৎ বিভাগের কর্মকর্তারা জানিয়েছেন, চাহিদা অনুযায়ী বিদ্যুৎ সরবরাহ নিশ্চিত করতে সরকার বিভিন্ন পদক্ষেপ নিয়েছে। দেশের বিভিন্ন এলাকায় লোডশেডিং পরিস্থিতি নিয়ে জনগণের মধ্যে উদ্বেগ দেখা দিয়েছে। সংশ্লিষ্টরা বলছেন, জ্বালানি সংকটের কারণে উৎপাদন ব্যাহত হচ্ছে এবং গ্রীষ্মকালে চাহিদা আরও বাড়বে। এ বিষয়ে সংশ্লিষ্ট মন্ত্রণালয় থেকে নির্দেশনা দেওয়া হয়েছে। স্থানীয় বাসিন্দারা জানান, দিনে কয়েক ঘণ্টা বিদ্যুৎ থাকে না, ফলে ব্যবসা ও পড়াশোনায় বিঘ্ন ঘটছে। কর্তৃপক্ষ বলছে, দ্রুত সমাধানের চেষ্টা চলছে এবং পরিস্থিতি স্বাভাবিক হবে।

শহীদ বাবার পাশেই দাফন লামিয়ার
প্রথম পাতার পর

বিদ্যুৎ বিভাগের কর্মকর্তারা জানিয়েছেন, চাহিদা অনুযায়ী বিদ্যুৎ সরবরাহ নিশ্চিত করতে সরকার বিভিন্ন পদক্ষেপ নিয়েছে। দেশের বিভিন্ন এলাকায় লোডশেডিং পরিস্থিতি নিয়ে জনগণের মধ্যে উদ্বেগ দেখা দিয়েছে। সংশ্লিষ্টরা বলছেন, জ্বালানি সংকটের কারণে উৎপাদন ব্যাহত হচ্ছে এবং গ্রীষ্মকালে চাহিদা আরও বাড়বে। এ বিষয়ে সংশ্লিষ্ট মন্ত্রণালয় থেকে নির্দেশনা দেওয়া হয়েছে। স্থানীয় বাসিন্দারা জানান, দিনে কয়েক ঘণ্টা বিদ্যুৎ থাকে না, ফলে ব্যবসা ও পড়াশোনায় বিঘ্ন ঘটছে। কর্তৃপক্ষ বলছে, দ্রুত সমাধানের চেষ্টা চলছে এবং পরিস্থিতি স্বাভাবিক হবে।

বিদ্যুৎ বিভাগের কর্মকর্তারা জানিয়েছেন, চাহিদা অনুযায়ী বিদ্যুৎ সরবরাহ নিশ্চিত করতে সরকার বিভিন্ন পদক্ষেপ নিয়েছে। দেশের বিভিন্ন এলাকায় লোডশেডিং পরিস্থিতি নিয়ে জনগণের মধ্যে উদ্বেগ দেখা দিয়েছে। সংশ্লিষ্টরা বলছেন, জ্বালানি সংকটের কারণে উৎপাদন ব্যাহত হচ্ছে এবং গ্রীষ্মকালে চাহিদা আরও বাড়বে। এ বিষয়ে সংশ্লিষ্ট মন্ত্রণালয় থেকে নির্দেশনা দেওয়া হয়েছে। স্থানীয় বাসিন্দারা জানান, দিনে কয়েক ঘণ্টা বিদ্যুৎ থাকে না, ফলে ব্যবসা ও পড়াশোনায় বিঘ্ন ঘটছে। কর্তৃপক্ষ বলছে, দ্রুত সমাধানের চেষ্টা চলছে এবং পরিস্থিতি স্বাভাবিক হবে।

বিদ্যুৎ বিভাগের কর্মকর্তারা জানিয়েছেন, চাহিদা অনুযায়ী বিদ্যুৎ সরবরাহ নিশ্চিত করতে সরকার বিভিন্ন পদক্ষেপ নিয়েছে। দেশের বিভিন্ন এলাকায় লোডশেডিং পরিস্থিতি নিয়ে জনগণের মধ্যে উদ্বেগ দেখা দিয়েছে। সংশ্লিষ্টরা বলছেন, জ্বালানি সংকটের কারণে উৎপাদন ব্যাহত হচ্ছে এবং গ্রীষ্মকালে চাহিদা আরও বাড়বে। এ বিষয়ে সংশ্লিষ্ট মন্ত্রণালয় থেকে নির্দেশনা দেওয়া হয়েছে। স্থানীয় বাসিন্দারা জানান, দিনে কয়েক ঘণ্টা বিদ্যুৎ থাকে না, ফলে ব্যবসা ও পড়াশোনায় বিঘ্ন ঘটছে। কর্তৃপক্ষ বলছে, দ্রুত সমাধানের চেষ্টা চলছে এবং পরিস্থিতি স্বাভাবিক হবে।

বিদ্যুৎ বিভাগের কর্মকর্তারা জানিয়েছেন, চাহিদা অনুযায়ী বিদ্যুৎ সরবরাহ নিশ্চিত করতে সরকার বিভিন্ন পদক্ষেপ নিয়েছে। দেশের বিভিন্ন এলাকায় লোডশেডিং পরিস্থিতি নিয়ে জনগণের মধ্যে উদ্বেগ দেখা দিয়েছে। সংশ্লিষ্টরা বলছেন, জ্বালানি সংকটের কারণে উৎপাদন ব্যাহত হচ্ছে এবং গ্রীষ্মকালে চাহিদা আরও বাড়বে। এ বিষয়ে সংশ্লিষ্ট মন্ত্রণালয় থেকে নির্দেশনা দেওয়া হয়েছে। স্থানীয় বাসিন্দারা জানান, দিনে কয়েক ঘণ্টা বিদ্যুৎ থাকে না, ফলে ব্যবসা ও পড়াশোনায় বিঘ্ন ঘটছে। কর্তৃপক্ষ বলছে, দ্রুত সমাধানের চেষ্টা চলছে এবং পরিস্থিতি স্বাভাবিক হবে।

বিদ্যুৎ বিভাগের কর্মকর্তারা জানিয়েছেন, চাহিদা অনুযায়ী বিদ্যুৎ সরবরাহ নিশ্চিত করতে সরকার বিভিন্ন পদক্ষেপ নিয়েছে। দেশের বিভিন্ন এলাকায় লোডশেডিং পরিস্থিতি নিয়ে জনগণের মধ্যে উদ্বেগ দেখা দিয়েছে। সংশ্লিষ্টরা বলছেন, জ্বালানি সংকটের কারণে উৎপাদন ব্যাহত হচ্ছে এবং গ্রীষ্মকালে চাহিদা আরও বাড়বে। এ বিষয়ে সংশ্লিষ্ট মন্ত্রণালয় থেকে নির্দেশনা দেওয়া হয়েছে। স্থানীয় বাসিন্দারা জানান, দিনে কয়েক ঘণ্টা বিদ্যুৎ থাকে না, ফলে ব্যবসা ও পড়াশোনায় বিঘ্ন ঘটছে। কর্তৃপক্ষ বলছে, দ্রুত সমাধানের চেষ্টা চলছে এবং পরিস্থিতি স্বাভাবিক হবে।

বিদ্যুৎ বিভাগের কর্মকর্তারা জানিয়েছেন, চাহিদা অনুযায়ী বিদ্যুৎ সরবরাহ নিশ্চিত করতে সরকার বিভিন্ন পদক্ষেপ নিয়েছে। দেশের বিভিন্ন এলাকায় লোডশেডিং পরিস্থিতি নিয়ে জনগণের মধ্যে উদ্বেগ দেখা দিয়েছে। সংশ্লিষ্টরা বলছেন, জ্বালানি সংকটের কারণে উৎপাদন ব্যাহত হচ্ছে এবং গ্রীষ্মকালে চাহিদা আরও বাড়বে। এ বিষয়ে সংশ্লিষ্ট মন্ত্রণালয় থেকে নির্দেশনা দেওয়া হয়েছে। স্থানীয় বাসিন্দারা জানান, দিনে কয়েক ঘণ্টা বিদ্যুৎ থাকে না, ফলে ব্যবসা ও পড়াশোনায় বিঘ্ন ঘটছে। কর্তৃপক্ষ বলছে, দ্রুত সমাধানের চেষ্টা চলছে এবং পরিস্থিতি স্বাভাবিক হবে।

মহেশপুর সীমান্তে
প্রথম পাতার পর

বিদ্যুৎ বিভাগের কর্মকর্তারা জানিয়েছেন, চাহিদা অনুযায়ী বিদ্যুৎ সরবরাহ নিশ্চিত করতে সরকার বিভিন্ন পদক্ষেপ নিয়েছে। দেশের বিভিন্ন এলাকায় লোডশেডিং পরিস্থিতি নিয়ে জনগণের মধ্যে উদ্বেগ দেখা দিয়েছে। সংশ্লিষ্টরা বলছেন, জ্বালানি সংকটের কারণে উৎপাদন ব্যাহত হচ্ছে এবং গ্রীষ্মকালে চাহিদা আরও বাড়বে। এ বিষয়ে সংশ্লিষ্ট মন্ত্রণালয় থেকে নির্দেশনা দেওয়া হয়েছে। স্থানীয় বাসিন্দারা জানান, দিনে কয়েক ঘণ্টা বিদ্যুৎ থাকে না, ফলে ব্যবসা ও পড়াশোনায় বিঘ্ন ঘটছে। কর্তৃপক্ষ বলছে, দ্রুত সমাধানের চেষ্টা চলছে এবং পরিস্থিতি স্বাভাবিক হবে।

বিদ্যুৎ বিভাগের কর্মকর্তারা জানিয়েছেন, চাহিদা অনুযায়ী বিদ্যুৎ সরবরাহ নিশ্চিত করতে সরকার বিভিন্ন পদক্ষেপ নিয়েছে। দেশের বিভিন্ন এলাকায় লোডশেডিং পরিস্থিতি নিয়ে জনগণের মধ্যে উদ্বেগ দেখা দিয়েছে। সংশ্লিষ্টরা বলছেন, জ্বালানি সংকটের কারণে উৎপাদন ব্যাহত হচ্ছে এবং গ্রীষ্মকালে চাহিদা আরও বাড়বে। এ বিষয়ে সংশ্লিষ্ট মন্ত্রণালয় থেকে নির্দেশনা দেওয়া হয়েছে। স্থানীয় বাসিন্দারা জানান, দিনে কয়েক ঘণ্টা বিদ্যুৎ থাকে না, ফলে ব্যবসা ও পড়াশোনায় বিঘ্ন ঘটছে। কর্তৃপক্ষ বলছে, দ্রুত সমাধানের চেষ্টা চলছে এবং পরিস্থিতি স্বাভাবিক হবে।

বিদ্যুৎ বিভাগের কর্মকর্তারা জানিয়েছেন, চাহিদা অনুযায়ী বিদ্যুৎ সরবরাহ নিশ্চিত করতে সরকার বিভিন্ন পদক্ষেপ নিয়েছে। দেশের বিভিন্ন এলাকায় লোডশেডিং পরিস্থিতি নিয়ে জনগণের মধ্যে উদ্বেগ দেখা দিয়েছে। সংশ্লিষ্টরা বলছেন, জ্বালানি সংকটের কারণে উৎপাদন ব্যাহত হচ্ছে এবং গ্রীষ্মকালে চাহিদা আরও বাড়বে। এ বিষয়ে সংশ্লিষ্ট মন্ত্রণালয় থেকে নির্দেশনা দেওয়া হয়েছে। স্থানীয় বাসিন্দারা জানান, দিনে কয়েক ঘণ্টা বিদ্যুৎ থাকে না, ফলে ব্যবসা ও পড়াশোনায় বিঘ্ন ঘটছে। কর্তৃপক্ষ বলছে, দ্রুত সমাধানের চেষ্টা চলছে এবং পরিস্থিতি স্বাভাবিক হবে।

ভ্যানিটি ব্যাগে টান দিয়ে
প্রথম পাতার পর

বিদ্যুৎ বিভাগের কর্মকর্তারা জানিয়েছেন, চাহিদা অনুযায়ী বিদ্যুৎ সরবরাহ নিশ্চিত করতে সরকার বিভিন্ন পদক্ষেপ নিয়েছে। দেশের বিভিন্ন এলাকায় লোডশেডিং পরিস্থিতি নিয়ে জনগণের মধ্যে উদ্বেগ দেখা দিয়েছে। সংশ্লিষ্টরা বলছেন, জ্বালানি সংকটের কারণে উৎপাদন ব্যাহত হচ্ছে এবং গ্রীষ্মকালে চাহিদা আরও বাড়বে। এ বিষয়ে সংশ্লিষ্ট মন্ত্রণালয় থেকে নির্দেশনা দেওয়া হয়েছে। স্থানীয় বাসিন্দারা জানান, দিনে কয়েক ঘণ্টা বিদ্যুৎ থাকে না, ফলে ব্যবসা ও পড়াশোনায় বিঘ্ন ঘটছে। কর্তৃপক্ষ বলছে, দ্রুত সমাধানের চেষ্টা চলছে এবং পরিস্থিতি স্বাভাবিক হবে।

বিদ্যুৎ বিভাগের কর্মকর্তারা জানিয়েছেন, চাহিদা অনুযায়ী বিদ্যুৎ সরবরাহ নিশ্চিত করতে সরকার বিভিন্ন পদক্ষেপ নিয়েছে। দেশের বিভিন্ন এলাকায় লোডশেডিং পরিস্থিতি নিয়ে জনগণের মধ্যে উদ্বেগ দেখা দিয়েছে। সংশ্লিষ্টরা বলছেন, জ্বালানি সংকটের কারণে উৎপাদন ব্যাহত হচ্ছে এবং গ্রীষ্মকালে চাহিদা আরও বাড়বে। এ বিষয়ে সংশ্লিষ্ট মন্ত্রণালয় থেকে নির্দেশনা দেওয়া হয়েছে। স্থানীয় বাসিন্দারা জানান, দিনে কয়েক ঘণ্টা বিদ্যুৎ থাকে না, ফলে ব্যবসা ও পড়াশোনায় বিঘ্ন ঘটছে। কর্তৃপক্ষ বলছে, দ্রুত সমাধানের চেষ্টা চলছে এবং পরিস্থিতি স্বাভাবিক হবে।

প্রতিটি ভোটকেন্দ্রে সিসি
প্রথম পাতার পর

বিদ্যুৎ বিভাগের কর্মকর্তারা জানিয়েছেন, চাহিদা অনুযায়ী বিদ্যুৎ সরবরাহ নিশ্চিত করতে সরকার বিভিন্ন পদক্ষেপ নিয়েছে। দেশের বিভিন্ন এলাকায় লোডশেডিং পরিস্থিতি নিয়ে জনগণের মধ্যে উদ্বেগ দেখা দিয়েছে। সংশ্লিষ্টরা বলছেন, জ্বালানি সংকটের কারণে উৎপাদন ব্যাহত হচ্ছে এবং গ্রীষ্মকালে চাহিদা আরও বাড়বে। এ বিষয়ে সংশ্লিষ্ট মন্ত্রণালয় থেকে নির্দেশনা দেওয়া হয়েছে। স্থানীয় বাসিন্দারা জানান, দিনে কয়েক ঘণ্টা বিদ্যুৎ থাকে না, ফলে ব্যবসা ও পড়াশোনায় বিঘ্ন ঘটছে। কর্তৃপক্ষ বলছে, দ্রুত সমাধানের চেষ্টা চলছে এবং পরিস্থিতি স্বাভাবিক হবে।

বিদ্যুৎ বিভাগের কর্মকর্তারা জানিয়েছেন, চাহিদা অনুযায়ী বিদ্যুৎ সরবরাহ নিশ্চিত করতে সরকার বিভিন্ন পদক্ষেপ নিয়েছে। দেশের বিভিন্ন এলাকায় লোডশেডিং পরিস্থিতি নিয়ে জনগণের মধ্যে উদ্বেগ দেখা দিয়েছে। সংশ্লিষ্টরা বলছেন, জ্বালানি সংকটের কারণে উৎপাদন ব্যাহত হচ্ছে এবং গ্রীষ্মকালে চাহিদা আরও বাড়বে। এ বিষয়ে সংশ্লিষ্ট মন্ত্রণালয় থেকে নির্দেশনা দেওয়া হয়েছে। স্থানীয় বাসিন্দারা জানান, দিনে কয়েক ঘণ্টা বিদ্যুৎ থাকে না, ফলে ব্যবসা ও পড়াশোনায় বিঘ্ন ঘটছে। কর্তৃপক্ষ বলছে, দ্রুত সমাধানের চেষ্টা চলছে এবং পরিস্থিতি স্বাভাবিক হবে।

এস আলমের আরও ৫৬৩
প্রথম পাতার পর

বিদ্যুৎ বিভাগের কর্মকর্তারা জানিয়েছেন, চাহিদা অনুযায়ী বিদ্যুৎ সরবরাহ নিশ্চিত করতে সরকার বিভিন্ন পদক্ষেপ নিয়েছে। দেশের বিভিন্ন এলাকায় লোডশেডিং পরিস্থিতি নিয়ে জনগণের মধ্যে উদ্বেগ দেখা দিয়েছে। সংশ্লিষ্টরা বলছেন, জ্বালানি সংকটের কারণে উৎপাদন ব্যাহত হচ্ছে এবং গ্রীষ্মকালে চাহিদা আরও বাড়বে। এ বিষয়ে সংশ্লিষ্ট মন্ত্রণালয় থেকে নির্দেশনা দেওয়া হয়েছে। স্থানীয় বাসিন্দারা জানান, দিনে কয়েক ঘণ্টা বিদ্যুৎ থাকে না, ফলে ব্যবসা ও পড়াশোনায় বিঘ্ন ঘটছে। কর্তৃপক্ষ বলছে, দ্রুত সমাধানের চেষ্টা চলছে এবং পরিস্থিতি স্বাভাবিক হবে।

বিদ্যুৎ বিভাগের কর্মকর্তারা জানিয়েছেন, চাহিদা অনুযায়ী বিদ্যুৎ সরবরাহ নিশ্চিত করতে সরকার বিভিন্ন পদক্ষেপ নিয়েছে। দেশের বিভিন্ন এলাকায় লোডশেডিং পরিস্থিতি নিয়ে জনগণের মধ্যে উদ্বেগ দেখা দিয়েছে। সংশ্লিষ্টরা বলছেন, জ্বালানি সংকটের কারণে উৎপাদন ব্যাহত হচ্ছে এবং গ্রীষ্মকালে চাহিদা আরও বাড়বে। এ বিষয়ে সংশ্লিষ্ট মন্ত্রণালয় থেকে নির্দেশনা দেওয়া হয়েছে। স্থানীয় বাসিন্দারা জানান, দিনে কয়েক ঘণ্টা বিদ্যুৎ থাকে না, ফলে ব্যবসা ও পড়াশোনায় বিঘ্ন ঘটছে। কর্তৃপক্ষ বলছে, দ্রুত সমাধানের চেষ্টা চলছে এবং পরিস্থিতি স্বাভাবিক হবে।

কক্সবাজারের সাবেক এমপি
প্রথম পাতার পর

বিদ্যুৎ বিভাগের কর্মকর্তারা জানিয়েছেন, চাহিদা অনুযায়ী বিদ্যুৎ সরবরাহ নিশ্চিত করতে সরকার বিভিন্ন পদক্ষেপ নিয়েছে। দেশের বিভিন্ন এলাকায় লোডশেডিং পরিস্থিতি নিয়ে জনগণের মধ্যে উদ্বেগ দেখা দিয়েছে। সংশ্লিষ্টরা বলছেন, জ্বালানি সংকটের কারণে উৎপাদন ব্যাহত হচ্ছে এবং গ্রীষ্মকালে চাহিদা আরও বাড়বে। এ বিষয়ে সংশ্লিষ্ট মন্ত্রণালয় থেকে নির্দেশনা দেওয়া হয়েছে। স্থানীয় বাসিন্দারা জানান, দিনে কয়েক ঘণ্টা বিদ্যুৎ থাকে না, ফলে ব্যবসা ও পড়াশোনায় বিঘ্ন ঘটছে। কর্তৃপক্ষ বলছে, দ্রুত সমাধানের চেষ্টা চলছে এবং পরিস্থিতি স্বাভাবিক হবে।

দুই উপদেষ্টার সন্তান
প্রথম পাতার পর

বিদ্যুৎ বিভাগের কর্মকর্তারা জানিয়েছেন, চাহিদা অনুযায়ী বিদ্যুৎ সরবরাহ নিশ্চিত করতে সরকার বিভিন্ন পদক্ষেপ নিয়েছে। দেশের বিভিন্ন এলাকায় লোডশেডিং পরিস্থিতি নিয়ে জনগণের মধ্যে উদ্বেগ দেখা দিয়েছে। সংশ্লিষ্টরা বলছেন, জ্বালানি সংকটের কারণে উৎপাদন ব্যাহত হচ্ছে এবং গ্রীষ্মকালে চাহিদা আরও বাড়বে। এ বিষয়ে সংশ্লিষ্ট মন্ত্রণালয় থেকে নির্দেশনা দেওয়া হয়েছে। স্থানীয় বাসিন্দারা জানান, দিনে কয়েক ঘণ্টা বিদ্যুৎ থাকে না, ফলে ব্যবসা ও পড়াশোনায় বিঘ্ন ঘটছে। কর্তৃপক্ষ বলছে, দ্রুত সমাধানের চেষ্টা চলছে এবং পরিস্থিতি স্বাভাবিক হবে।

বিচার হলে আ.লীগ চালানোর
প্রথম পাতার পর

বিদ্যুৎ বিভাগের কর্মকর্তারা জানিয়েছেন, চাহিদা অনুযায়ী বিদ্যুৎ সরবরাহ নিশ্চিত করতে সরকার বিভিন্ন পদক্ষেপ নিয়েছে। দেশের বিভিন্ন এলাকায় লোডশেডিং পরিস্থিতি নিয়ে জনগণের মধ্যে উদ্বেগ দেখা দিয়েছে। সংশ্লিষ্টরা বলছেন, জ্বালানি সংকটের কারণে উৎপাদন ব্যাহত হচ্ছে এবং গ্রীষ্মকালে চাহিদা আরও বাড়বে। এ বিষয়ে সংশ্লিষ্ট মন্ত্রণালয় থেকে নির্দেশনা দেওয়া হয়েছে। স্থানীয় বাসিন্দারা জানান, দিনে কয়েক ঘণ্টা বিদ্যুৎ থাকে না, ফলে ব্যবসা ও পড়াশোনায় বিঘ্ন ঘটছে। কর্তৃপক্ষ বলছে, দ্রুত সমাধানের চেষ্টা চলছে এবং পরিস্থিতি স্বাভাবিক হবে।

বিদ্যুৎ বিভাগের কর্মকর্তারা জানিয়েছেন, চাহিদা অনুযায়ী বিদ্যুৎ সরবরাহ নিশ্চিত করতে সরকার বিভিন্ন পদক্ষেপ নিয়েছে। দেশের বিভিন্ন এলাকায় লোডশেডিং পরিস্থিতি নিয়ে জনগণের মধ্যে উদ্বেগ দেখা দিয়েছে। সংশ্লিষ্টরা বলছেন, জ্বালানি সংকটের কারণে উৎপাদন ব্যাহত হচ্ছে এবং গ্রীষ্মকালে চাহিদা আরও বাড়বে। এ বিষয়ে সংশ্লিষ্ট মন্ত্রণালয় থেকে নির্দেশনা দেওয়া হয়েছে। স্থানীয় বাসিন্দারা জানান, দিনে কয়েক ঘণ্টা বিদ্যুৎ থাকে না, ফলে ব্যবসা ও পড়াশোনায় বিঘ্ন ঘটছে। কর্তৃপক্ষ বলছে, দ্রুত সমাধানের চেষ্টা চলছে এবং পরিস্থিতি স্বাভাবিক হবে।

২ উপদেষ্টার সহকারীদের দুর্নীতি
প্রথম পাতার পর

বিদ্যুৎ বিভাগের কর্মকর্তারা জানিয়েছেন, চাহিদা অনুযায়ী বিদ্যুৎ সরবরাহ নিশ্চিত করতে সরকার বিভিন্ন পদক্ষেপ নিয়েছে। দেশের বিভিন্ন এলাকায় লোডশেডিং পরিস্থিতি নিয়ে জনগণের মধ্যে উদ্বেগ দেখা দিয়েছে। সংশ্লিষ্টরা বলছেন, জ্বালানি সংকটের কারণে উৎপাদন ব্যাহত হচ্ছে এবং গ্রীষ্মকালে চাহিদা আরও বাড়বে। এ বিষয়ে সংশ্লিষ্ট মন্ত্রণালয় থেকে নির্দেশনা দেওয়া হয়েছে। স্থানীয় বাসিন্দারা জানান, দিনে কয়েক ঘণ্টা বিদ্যুৎ থাকে না, ফলে ব্যবসা ও পড়াশোনায় বিঘ্ন ঘটছে। কর্তৃপক্ষ বলছে, দ্রুত সমাধানের চেষ্টা চলছে এবং পরিস্থিতি স্বাভাবিক হবে।

বিদ্যুৎ বিভাগের কর্মকর্তারা জানিয়েছেন, চাহিদা অনুযায়ী বিদ্যুৎ সরবরাহ নিশ্চিত করতে সরকার বিভিন্ন পদক্ষেপ নিয়েছে। দেশের বিভিন্ন এলাকায় লোডশেডিং পরিস্থিতি নিয়ে জনগণের মধ্যে উদ্বেগ দেখা দিয়েছে। সংশ্লিষ্টরা বলছেন, জ্বালানি সংকটের কারণে উৎপাদন ব্যাহত হচ্ছে এবং গ্রীষ্মকালে চাহিদা আরও বাড়বে। এ বিষয়ে সংশ্লিষ্ট মন্ত্রণালয় থেকে নির্দেশনা দেওয়া হয়েছে। স্থানীয় বাসিন্দারা জানান, দিনে কয়েক ঘণ্টা বিদ্যুৎ থাকে না, ফলে ব্যবসা ও পড়াশোনায় বিঘ্ন ঘটছে। কর্তৃপক্ষ বলছে, দ্রুত সমাধানের চেষ্টা চলছে এবং পরিস্থিতি স্বাভাবিক হবে।

পুতুলের বিরুদ্ধে গ্রেপ্তারি
প্রথম পাতার পর

বিদ্যুৎ বিভাগের কর্মকর্তারা জানিয়েছেন, চাহিদা অনুযায়ী বিদ্যুৎ সরবরাহ নিশ্চিত করতে সরকার বিভিন্ন পদক্ষেপ নিয়েছে। দেশের বিভিন্ন এলাকায় লোডশেডিং পরিস্থিতি নিয়ে জনগণের মধ্যে উদ্বেগ দেখা দিয়েছে। সংশ্লিষ্টরা বলছেন, জ্বালানি সংকটের কারণে উৎপাদন ব্যাহত হচ্ছে এবং গ্রীষ্মকালে চাহিদা আরও বাড়বে। এ বিষয়ে সংশ্লিষ্ট মন্ত্রণালয় থেকে নির্দেশনা দেওয়া হয়েছে। স্থানীয় বাসিন্দারা জানান, দিনে কয়েক ঘণ্টা বিদ্যুৎ থাকে না, ফলে ব্যবসা ও পড়াশোনায় বিঘ্ন ঘটছে। কর্তৃপক্ষ বলছে, দ্রুত সমাধানের চেষ্টা চলছে এবং পরিস্থিতি স্বাভাবিক হবে।
